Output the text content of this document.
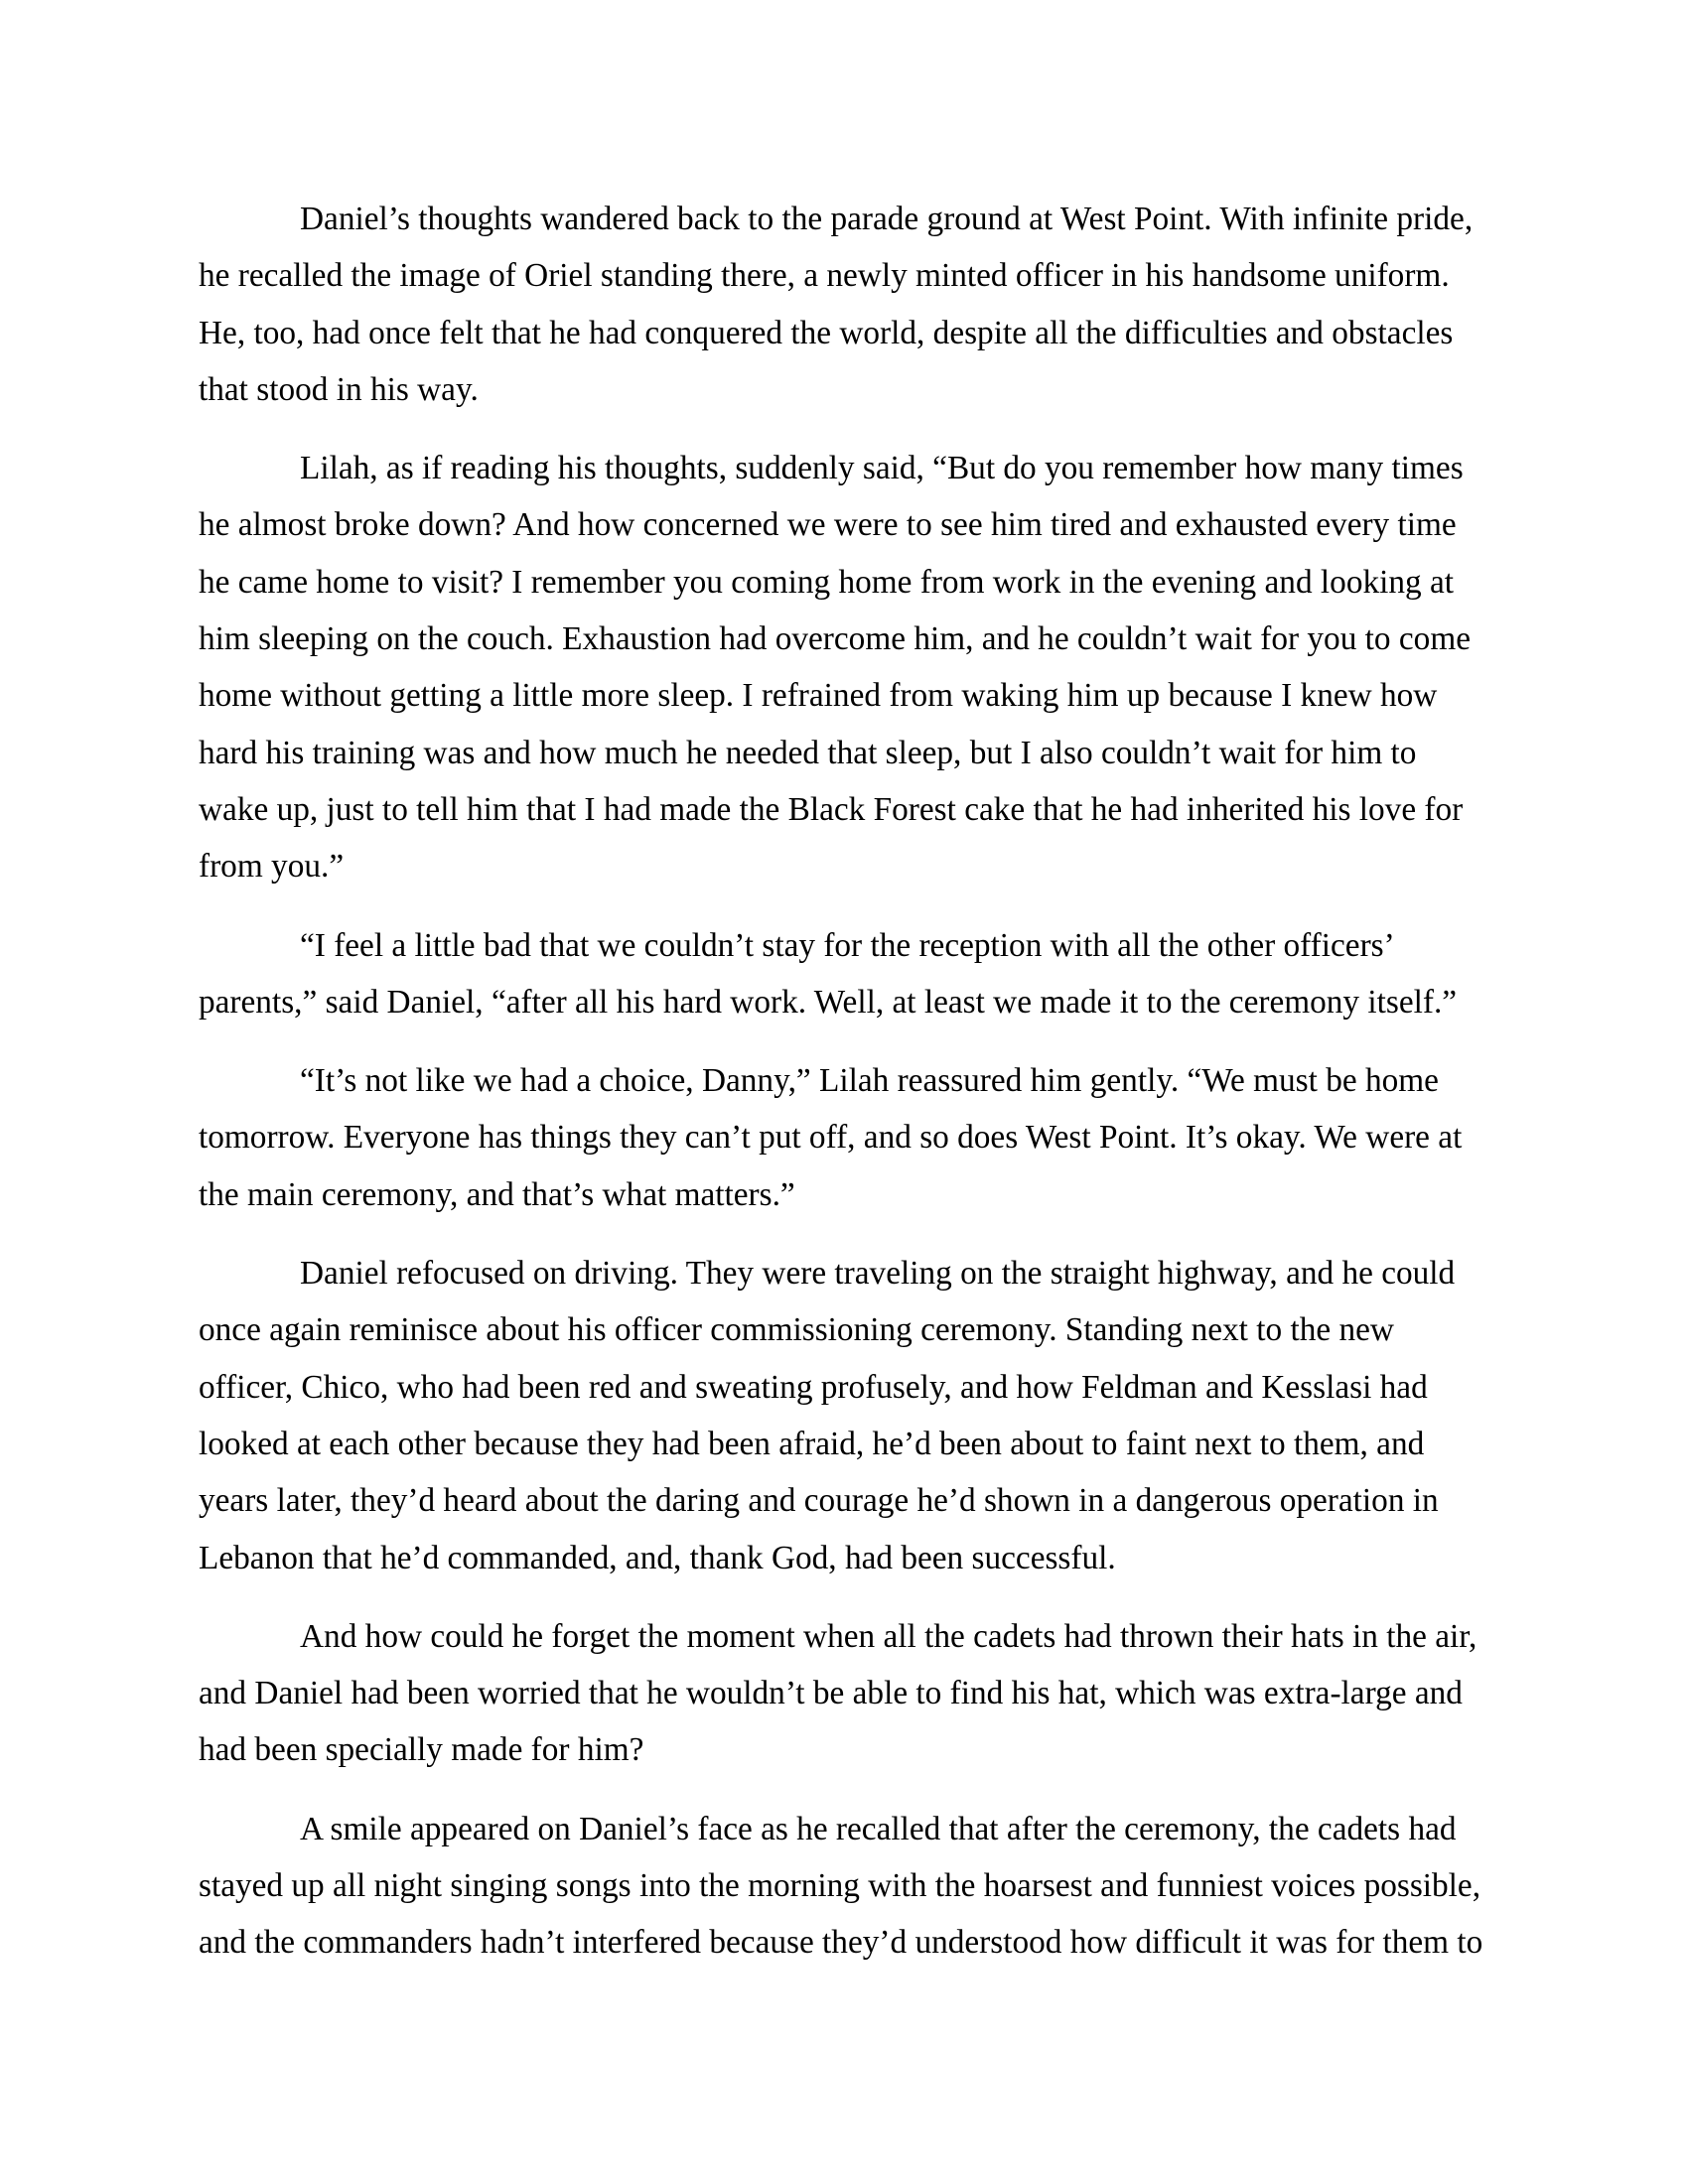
Daniel’s thoughts wandered back to the parade ground at West Point. With infinite pride,
he recalled the image of Oriel standing there, a newly minted officer in his handsome uniform.
He, too, had once felt that he had conquered the world, despite all the difficulties and obstacles
that stood in his way.

Lilah, as if reading his thoughts, suddenly said, “But do you remember how many times
he almost broke down? And how concerned we were to see him tired and exhausted every time
he came home to visit? I remember you coming home from work in the evening and looking at
him sleeping on the couch. Exhaustion had overcome him, and he couldn’t wait for you to come
home without getting a little more sleep. I refrained from waking him up because I knew how
hard his training was and how much he needed that sleep, but I also couldn’t wait for him to
wake up, just to tell him that I had made the Black Forest cake that he had inherited his love for
from you.”

“I feel a little bad that we couldn’t stay for the reception with all the other officers’
parents,” said Daniel, “after all his hard work. Well, at least we made it to the ceremony itself.”

“It’s not like we had a choice, Danny,” Lilah reassured him gently. “We must be home
tomorrow. Everyone has things they can’t put off, and so does West Point. It’s okay. We were at
the main ceremony, and that’s what matters.”

Daniel refocused on driving. They were traveling on the straight highway, and he could
once again reminisce about his officer commissioning ceremony. Standing next to the new
officer, Chico, who had been red and sweating profusely, and how Feldman and Kesslasi had
looked at each other because they had been afraid, he’d been about to faint next to them, and
years later, they’d heard about the daring and courage he’d shown in a dangerous operation in
Lebanon that he’d commanded, and, thank God, had been successful.

And how could he forget the moment when all the cadets had thrown their hats in the air,
and Daniel had been worried that he wouldn’t be able to find his hat, which was extra-large and
had been specially made for him?

A smile appeared on Daniel’s face as he recalled that after the ceremony, the cadets had
stayed up all night singing songs into the morning with the hoarsest and funniest voices possible,
and the commanders hadn’t interfered because they’d understood how difficult it was for them to
